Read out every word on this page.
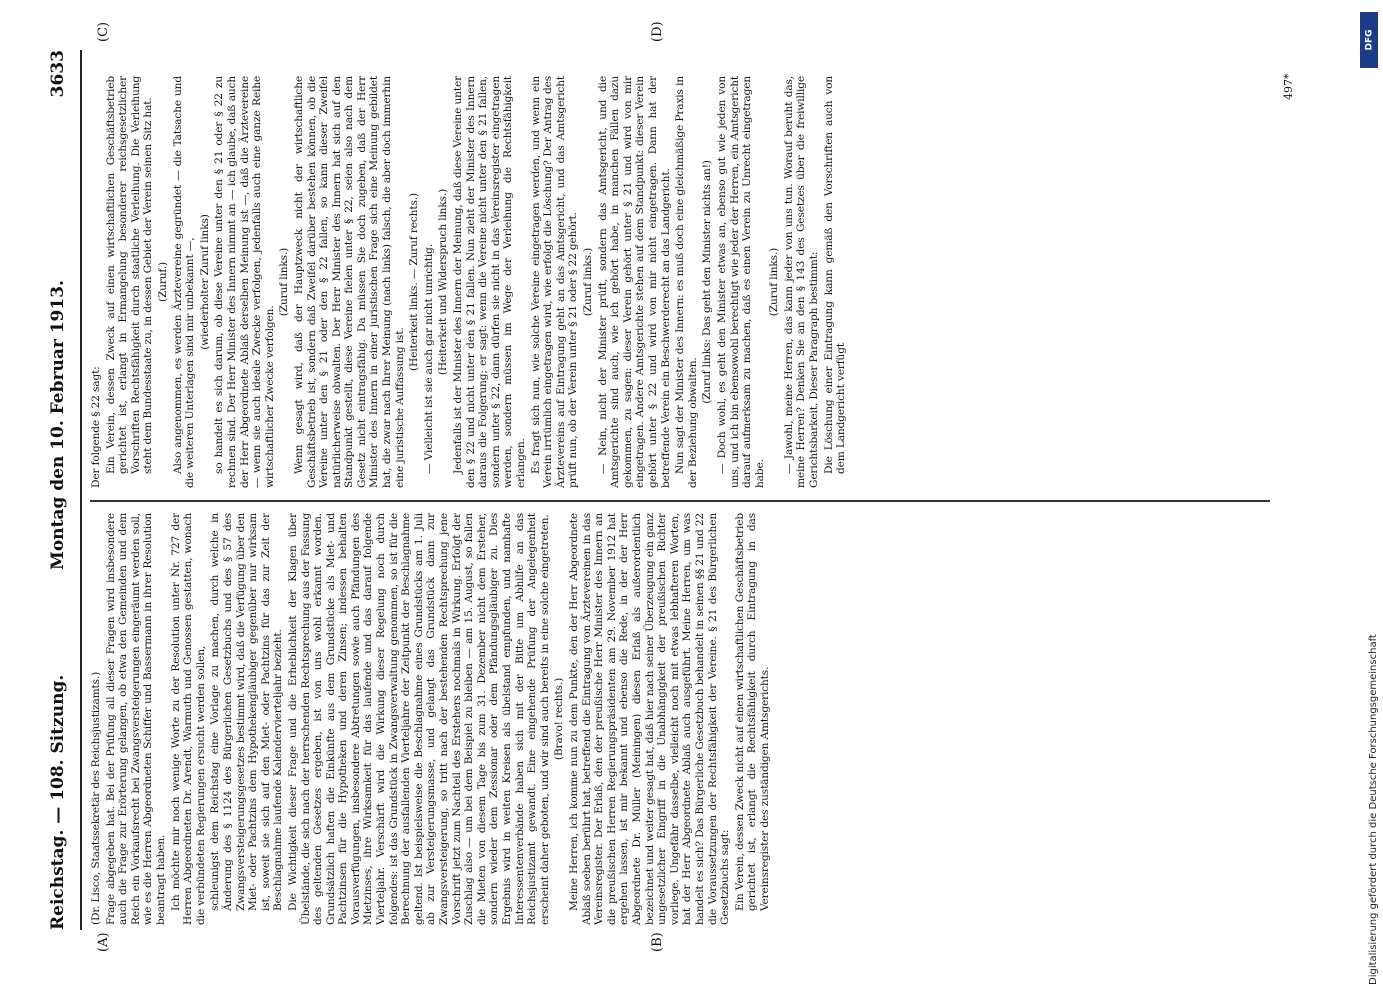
Reichstag. — 108. Sitzung.
Montag den 10. Februar 1913.
3633
(A)	(B)
(C)	(D)

(Dr. Lisco, Staatssekretär des Reichsjustizamts.) Frage abgegeben hat. Bei der Prüfung all dieser Fragen wird insbesondere auch die Frage zur Erörterung gelangen, ob etwa den Gemeinden und dem Reich ein Vorkaufsrecht bei Zwangsversteigerungen eingeräumt werden soll, wie es die Herren Abgeordneten Schiffer und Bassermann in ihrer Resolution beantragt haben. Ich möchte mir noch wenige Worte zu der Resolution unter Nr. 727 der Herren Abgeordneten Dr. Arendt, Warmuth und Genossen gestatten, wonach die verbündeten Regierungen ersucht werden sollen, schleunigst dem Reichstag eine Vorlage zu machen, durch welche in Änderung des § 1124 des Bürgerlichen Gesetzbuchs und des § 57 des Zwangsversteigerungsgesetzes bestimmt wird, daß die Verfügung über den Miet- oder Pachtzins dem Hypothekengläubiger gegenüber nur wirksam ist, soweit sie sich auf den Miet- oder Pachtzins für das zur Zeit der Beschlagnahme laufende Kalendervierteljahr bezieht. Die Wichtigkeit dieser Frage und die Erheblichkeit der Klagen über Übelstände, die sich nach der herrschenden Rechtsprechung aus der Fassung des geltenden Gesetzes ergeben, ist von uns wohl erkannt worden. Grundsätzlich haften die Einkünfte aus dem Grundstücke als Miet- und Pachtzinsen für die Hypotheken und deren Zinsen; indessen behalten Vorausverfügungen, insbesondere Abtretungen sowie auch Pfändungen des Mietzinses, ihre Wirksamkeit für das laufende und das darauf folgende Vierteljahr. Verschärft wird die Wirkung dieser Regelung noch durch folgendes: ist das Grundstück in Zwangsverwaltung genommen, so ist für die Berechnung der ausfallenden Vierteljahre der Zeitpunkt der Beschlagnahme geltend. Ist beispielsweise die Beschlagnahme eines Grundstücks am 1. Juli ab zur Versteigerungsmasse, und gelangt das Grundstück dann zur Zwangsversteigerung, so tritt nach der bestehenden Rechtsprechung jene Vorschrift jetzt zum Nachteil des Erstehers nochmals in Wirkung. Erfolgt der Zuschlag also — um bei dem Beispiel zu bleiben — am 15. August, so fallen die Mieten von diesem Tage bis zum 31. Dezember nicht dem Ersteher, sondern wieder dem Zessionar oder dem Pfändungsgläubiger zu. Dies Ergebnis wird in weiten Kreisen als übelstand empfunden, und namhafte Interessentenverbände haben sich mit der Bitte um Abhilfe an das Reichsjustizamt gewandt. Eine eingehende Prüfung der Angelegenheit erscheint daher geboten, und wir sind auch bereits in eine solche eingetreten. (Bravo! rechts.) Meine Herren, ich komme nun zu dem Punkte, den der Herr Abgeordnete Ablaß soeben berührt hat, betreffend die Eintragung von Ärztevereinen in das Vereinsregister. Der Erlaß, den der preußische Herr Minister des Innern an die preußischen Herren Regierungspräsidenten am 29. November 1912 hat ergehen lassen, ist mir bekannt und ebenso die Rede, in der der Herr Abgeordnete Dr. Müller (Meiningen) diesen Erlaß als außerordentlich bezeichnet und weiter gesagt hat, daß hier nach seiner Überzeugung ein ganz ungesetzlicher Eingriff in die Unabhängigkeit der preußischen Richter vorliege. Ungefähr dasselbe, vielleicht noch mit etwas lebhafteren Worten, hat der Herr Abgeordnete Ablaß auch ausgeführt. Meine Herren, um was handelt es sich? Das Bürgerliche Gesetzbuch behandelt in seinen §§ 21 und 22 die Voraussetzungen der Rechtsfähigkeit der Vereine. § 21 des Bürgerlichen Gesetzbuchs sagt: Ein Verein, dessen Zweck nicht auf einen wirtschaftlichen Geschäftsbetrieb gerichtet ist, erlangt die Rechtsfähigkeit durch Eintragung in das Vereinsregister des zuständigen Amtsgerichts.

Der folgende § 22 sagt: Ein Verein, dessen Zweck auf einen wirtschaftlichen Geschäftsbetrieb gerichtet ist, erlangt in Ermangelung besonderer reichsgesetzlicher Vorschriften Rechtsfähigkeit durch staatliche Verleihung. Die Verleihung steht dem Bundesstaate zu, in dessen Gebiet der Verein seinen Sitz hat. (Zuruf.) Also angenommen, es werden Ärztevereine gegründet — die Tatsache und die weiteren Unterlagen sind mir unbekannt —, (wiederholter Zuruf links) so handelt es sich darum, ob diese Vereine unter den § 21 oder § 22 zu rechnen sind. Der Herr Minister des Innern nimmt an — ich glaube, daß auch der Herr Abgeordnete Ablaß derselben Meinung ist —, daß die Ärztevereine — wenn sie auch ideale Zwecke verfolgen, jedenfalls auch eine ganze Reihe wirtschaftlicher Zwecke verfolgen.

(Zuruf links.) Wenn gesagt wird, daß der Hauptzweck nicht der wirtschaftliche Geschäftsbetrieb ist, sondern daß Zweifel darüber bestehen können, ob die Vereine unter den § 21 oder den § 22 fallen, so kann dieser Zweifel natürlicherweise obwalten. Der Herr Minister des Innern hat sich auf den Standpunkt gestellt, diese Vereine fielen unter § 22, seien also nach dem Gesetz nicht eintragsfähig. Da müssen Sie doch zugeben, daß der Herr Minister des Innern in einer juristischen Frage sich eine Meinung gebildet hat, die zwar nach Ihrer Meinung (nach links) falsch, die aber doch immerhin eine juristische Auffassung ist.

(Heiterkeit links. — Zuruf rechts.) — Vielleicht ist sie auch gar nicht unrichtig. (Heiterkeit und Widerspruch links.) Jedenfalls ist der Minister des Innern der Meinung, daß diese Vereine unter den § 22 und nicht unter den § 21 fallen. Nun zieht der Minister des Innern daraus die Folgerung; er sagt: wenn die Vereine nicht unter den § 21 fallen, sondern unter § 22, dann dürfen sie nicht in das Vereinsregister eingetragen werden, sondern müssen im Wege der Verleihung die Rechtsfähigkeit erlangen. Es fragt sich nun, wie solche Vereine eingetragen werden, und wenn ein Verein irrtümlich eingetragen wird, wie erfolgt die Löschung? Der Antrag des Ärztevereins auf Eintragung geht an das Amtsgericht, und das Amtsgericht prüft nun, ob der Verein unter § 21 oder § 22 gehört. (Zuruf links.) — Nein, nicht der Minister prüft, sondern das Amtsgericht, und die Amtsgerichte sind auch, wie ich gehört habe, in manchen Fällen dazu gekommen, zu sagen: dieser Verein gehört unter § 21 und wird von mir eingetragen. Andere Amtsgerichte stehen auf dem Standpunkt: dieser Verein gehört unter § 22 und wird von mir nicht eingetragen. Dann hat der betreffende Verein ein Beschwerderecht an das Landgericht. Nun sagt der Minister des Innern: es muß doch eine gleichmäßige Praxis in der Beziehung obwalten.

(Zuruf links: Das geht den Minister nichts an!) — Doch wohl, es geht den Minister etwas an, ebenso gut wie jeden von uns, und ich bin ebensowohl berechtigt wie jeder der Herren, ein Amtsgericht darauf aufmerksam zu machen, daß es einen Verein zu Unrecht eingetragen habe.

(Zuruf links.) — Jawohl, meine Herren, das kann jeder von uns tun. Worauf beruht das, meine Herren? Denken Sie an den § 143 des Gesetzes über die freiwillige Gerichtsbarkeit. Dieser Paragraph bestimmt: Die Löschung einer Eintragung kann gemäß den Vorschriften auch von dem Landgericht verfügt

497*
DFG
Digitalisierung gefördert durch die Deutsche Forschungsgemeinschaft
